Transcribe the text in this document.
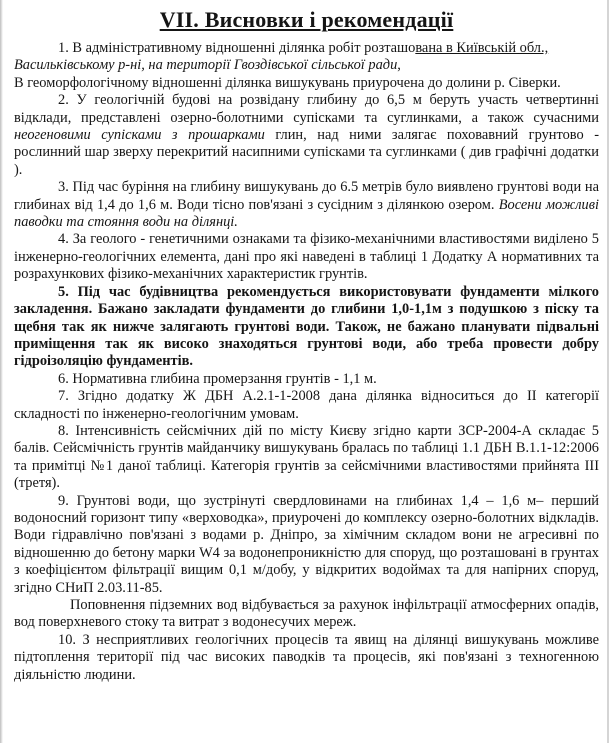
VII. Висновки і рекомендації

1. В адміністративному відношенні ділянка робіт розташована в Київській обл.,
Васильківському р-ні, на території Гвоздівської сільської ради,
В геоморфологічному відношенні ділянка вишукувань приурочена до долини р. Сіверки.

2. У геологічній будові на розвідану глибину до 6,5 м беруть участь четвертинні відклади, представлені озерно-болотними супісками та суглинками, а також сучасними неогеновими супісками з прошарками глин, над ними залягає поховавний грунтово - рослинний шар зверху перекритий насипними супісками та суглинками ( див графічні додатки ).

3. Під час буріння на глибину вишукувань до 6.5 метрів було виявлено грунтові води на глибинах від 1,4 до 1,6 м. Води тісно пов'язані з сусідним з ділянкою озером. Восени можливі паводки та стояння води на ділянці.

4. За геолого - генетичними ознаками та фізико-механічними властивостями виділено 5 інженерно-геологічних елемента, дані про які наведені в таблиці 1 Додатку А нормативних та розрахункових фізико-механічних характеристик грунтів.

5. Під час будівництва рекомендується використовувати фундаменти мілкого закладення. Бажано закладати фундаменти до глибини 1,0-1,1м з подушкою з піску та щебня так як нижче залягають грунтові води. Також, не бажано планувати підвальні приміщення так як високо знаходяться грунтові води, або треба провести добру гідроізоляцію фундаментів.

6. Нормативна глибина промерзання грунтів - 1,1 м.

7. Згідно додатку Ж ДБН А.2.1-1-2008 дана ділянка відноситься до II категорії складності по інженерно-геологічним умовам.

8. Інтенсивність сейсмічних дій по місту Києву згідно карти ЗСР-2004-А складає 5 балів. Сейсмічність грунтів майданчику вишукувань бралась по таблиці 1.1 ДБН В.1.1-12:2006 та примітці №1 даної таблиці. Категорія грунтів за сейсмічними властивостями прийнята III (третя).

9. Грунтові води, що зустрінуті свердловинами на глибинах 1,4 – 1,6 м– перший водоносний горизонт типу «верховодка», приурочені до комплексу озерно-болотних відкладів. Води гідравлічно пов'язані з водами р. Дніпро, за хімічним складом вони не агресивні по відношенню до бетону марки W4 за водонепроникністю для споруд, що розташовані в грунтах з коефіцієнтом фільтрації вищим 0,1 м/добу, у відкритих водоймах та для напірних споруд, згідно СНиП 2.03.11-85.

Поповнення підземних вод відбувається за рахунок інфільтрації атмосферних опадів, вод поверхневого стоку та витрат з водонесучих мереж.

10. З несприятливих геологічних процесів та явищ на ділянці вишукувань можливе підтоплення території під час високих паводків та процесів, які пов'язані з техногенною діяльністю людини.
